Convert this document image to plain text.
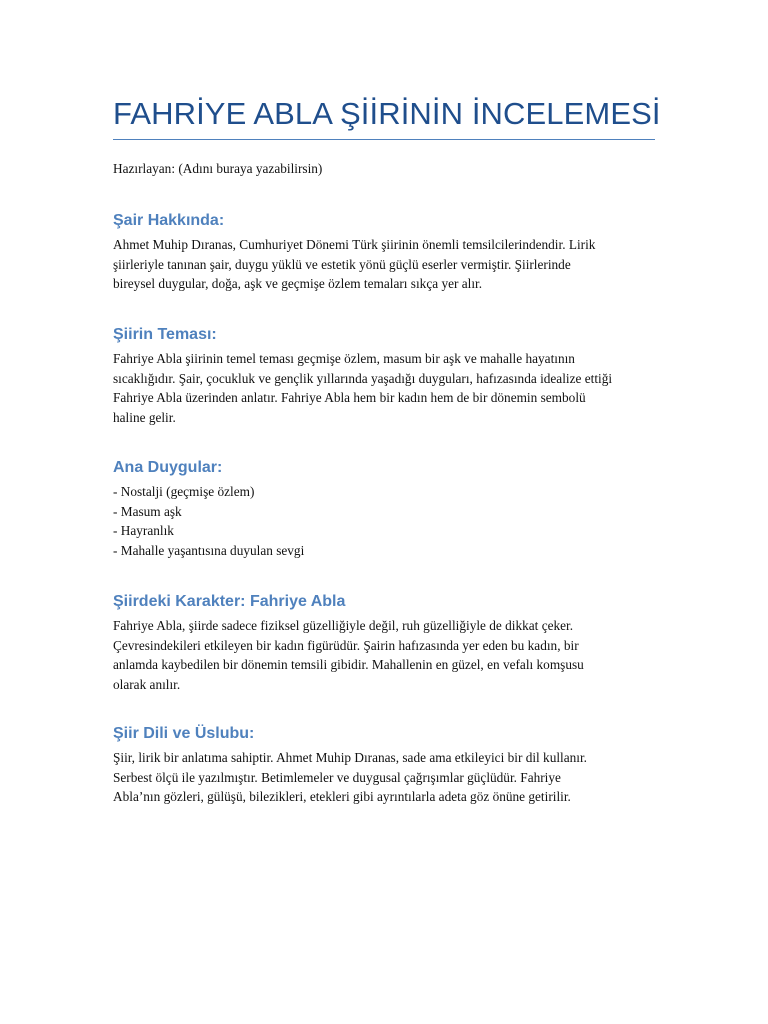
FAHRİYE ABLA ŞİİRİNİN İNCELEMESİ

Hazırlayan: (Adını buraya yazabilirsin)

Şair Hakkında:

Ahmet Muhip Dıranas, Cumhuriyet Dönemi Türk şiirinin önemli temsilcilerindendir. Lirik
şiirleriyle tanınan şair, duygu yüklü ve estetik yönü güçlü eserler vermiştir. Şiirlerinde
bireysel duygular, doğa, aşk ve geçmişe özlem temaları sıkça yer alır.

Şiirin Teması:

Fahriye Abla şiirinin temel teması geçmişe özlem, masum bir aşk ve mahalle hayatının
sıcaklığıdır. Şair, çocukluk ve gençlik yıllarında yaşadığı duyguları, hafızasında idealize ettiği
Fahriye Abla üzerinden anlatır. Fahriye Abla hem bir kadın hem de bir dönemin sembolü
haline gelir.

Ana Duygular:
- Nostalji (geçmişe özlem)
- Masum aşk
- Hayranlık
- Mahalle yaşantısına duyulan sevgi
Şiirdeki Karakter: Fahriye Abla

Fahriye Abla, şiirde sadece fiziksel güzelliğiyle değil, ruh güzelliğiyle de dikkat çeker.
Çevresindekileri etkileyen bir kadın figürüdür. Şairin hafızasında yer eden bu kadın, bir
anlamda kaybedilen bir dönemin temsili gibidir. Mahallenin en güzel, en vefalı komşusu
olarak anılır.

Şiir Dili ve Üslubu:

Şiir, lirik bir anlatıma sahiptir. Ahmet Muhip Dıranas, sade ama etkileyici bir dil kullanır.
Serbest ölçü ile yazılmıştır. Betimlemeler ve duygusal çağrışımlar güçlüdür. Fahriye
Abla’nın gözleri, gülüşü, bilezikleri, etekleri gibi ayrıntılarla adeta göz önüne getirilir.
